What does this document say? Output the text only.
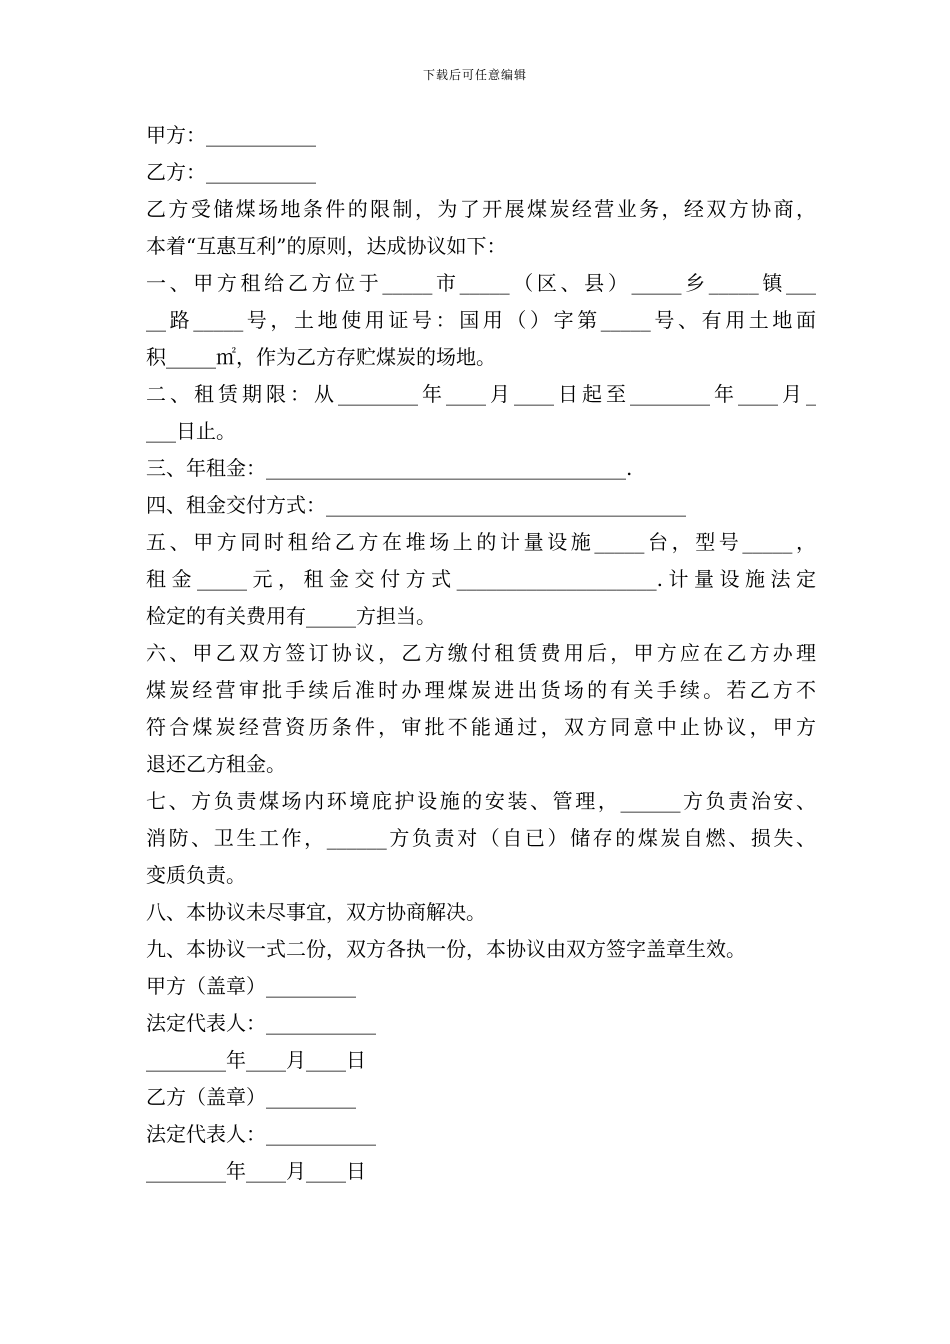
下载后可任意编辑
甲方：___________
乙方：___________
乙方受储煤场地条件的限制，为了开展煤炭经营业务，经双方协商，
本着“互惠互利”的原则，达成协议如下：
一、甲方租给乙方位于_____市_____（区、县）_____乡_____镇___
__路_____号，土地使用证号：国用（）字第_____号、有用土地面
积_____㎡，作为乙方存贮煤炭的场地。
二、租赁期限：从________年____月____日起至________年____月_
___日止。
三、年租金：____________________________________.
四、租金交付方式：____________________________________
五、甲方同时租给乙方在堆场上的计量设施_____台，型号_____，
租金_____元，租金交付方式____________________.计量设施法定
检定的有关费用有_____方担当。
六、甲乙双方签订协议，乙方缴付租赁费用后，甲方应在乙方办理
煤炭经营审批手续后准时办理煤炭进出货场的有关手续。若乙方不
符合煤炭经营资历条件，审批不能通过，双方同意中止协议，甲方
退还乙方租金。
七、方负责煤场内环境庇护设施的安装、管理，______方负责治安、
消防、卫生工作，______方负责对（自已）储存的煤炭自燃、损失、
变质负责。
八、本协议未尽事宜，双方协商解决。
九、本协议一式二份，双方各执一份，本协议由双方签字盖章生效。
甲方（盖章）_________
法定代表人：___________
________年____月____日
乙方（盖章）_________
法定代表人：___________
________年____月____日
